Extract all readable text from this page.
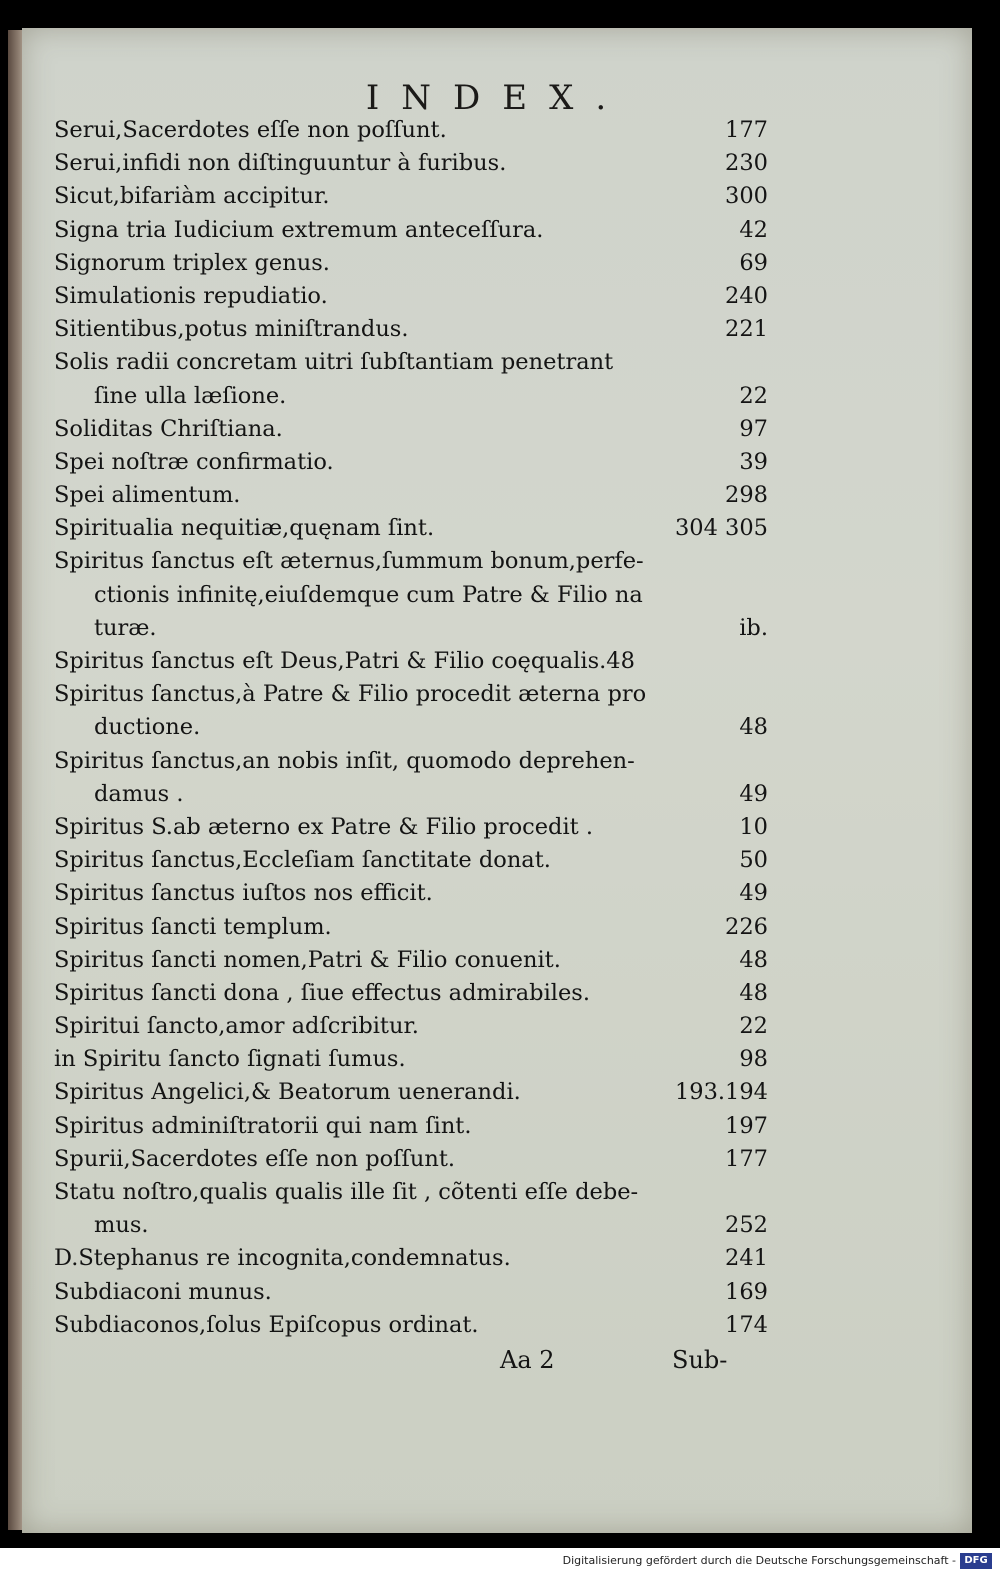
INDEX.
Serui,Sacerdotes eſſe non poſſunt.	177
Serui,infidi non diſtinguuntur à furibus.	230
Sicut,bifariàm accipitur.	300
Signa tria Iudicium extremum anteceſſura.	42
Signorum triplex genus.	69
Simulationis repudiatio.	240
Sitientibus,potus miniſtrandus.	221
Solis radii concretam uitri ſubſtantiam penetrant
ſine ulla læſione.	22
Soliditas Chriſtiana.	97
Spei noſtræ confirmatio.	39
Spei alimentum.	298
Spiritualia nequitiæ,quęnam ſint.	304 305
Spiritus ſanctus eſt æternus,ſummum bonum,perfe-
ctionis infinitę,eiuſdemque cum Patre & Filio na
turæ.	ib.
Spiritus ſanctus eſt Deus,Patri & Filio coęqualis.48
Spiritus ſanctus,à Patre & Filio procedit æterna pro
ductione.	48
Spiritus ſanctus,an nobis inſit, quomodo deprehen-
damus .	49
Spiritus S.ab æterno ex Patre & Filio procedit .	10
Spiritus ſanctus,Eccleſiam ſanctitate donat.	50
Spiritus ſanctus iuſtos nos efficit.	49
Spiritus ſancti templum.	226
Spiritus ſancti nomen,Patri & Filio conuenit.	48
Spiritus ſancti dona , ſiue effectus admirabiles.	48
Spiritui ſancto,amor adſcribitur.	22
in Spiritu ſancto ſignati ſumus.	98
Spiritus Angelici,& Beatorum uenerandi.	193.194
Spiritus adminiſtratorii qui nam ſint.	197
Spurii,Sacerdotes eſſe non poſſunt.	177
Statu noſtro,qualis qualis ille ſit , cõtenti eſſe debe-
mus.	252
D.Stephanus re incognita,condemnatus.	241
Subdiaconi munus.	169
Subdiaconos,ſolus Epiſcopus ordinat.	174
Aa 2	Sub-
Digitalisierung gefördert durch die Deutsche Forschungsgemeinschaft - DFG
